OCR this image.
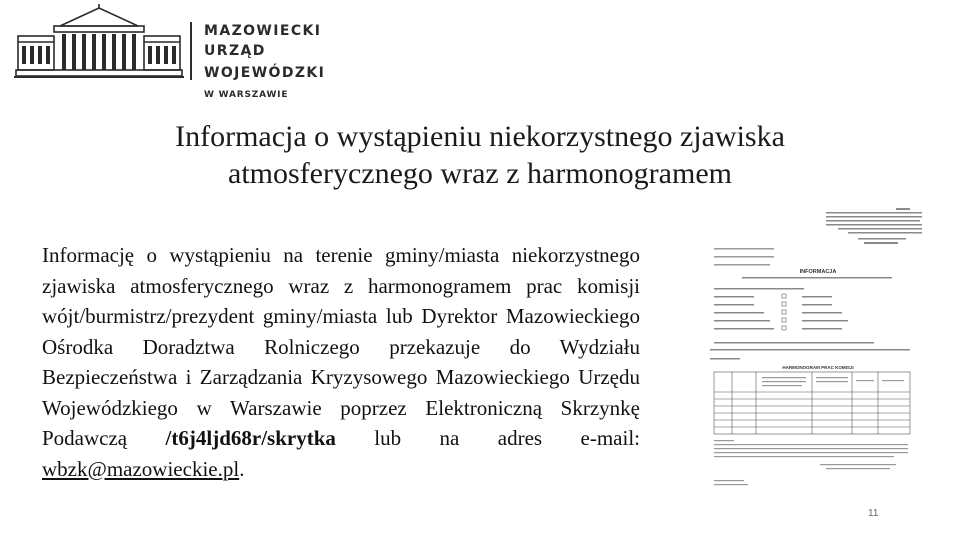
MAZOWIECKI
URZĄD WOJEWÓDZKI
W WARSZAWIE
Informacja o wystąpieniu niekorzystnego zjawiska
atmosferycznego wraz z harmonogramem
Informację o wystąpieniu na terenie gminy/miasta niekorzystnego zjawiska atmosferycznego wraz z harmonogramem prac komisji wójt/burmistrz/prezydent gminy/miasta lub Dyrektor Mazowieckiego Ośrodka Doradztwa Rolniczego przekazuje do Wydziału Bezpieczeństwa i Zarządzania Kryzysowego Mazowieckiego Urzędu Wojewódzkiego w Warszawie poprzez Elektroniczną Skrzynkę Podawczą /t6j4ljd68r/skrytka lub na adres e-mail: wbzk@mazowieckie.pl.
INFORMACJA
HARMONOGRAM PRAC KOMISJI
11
